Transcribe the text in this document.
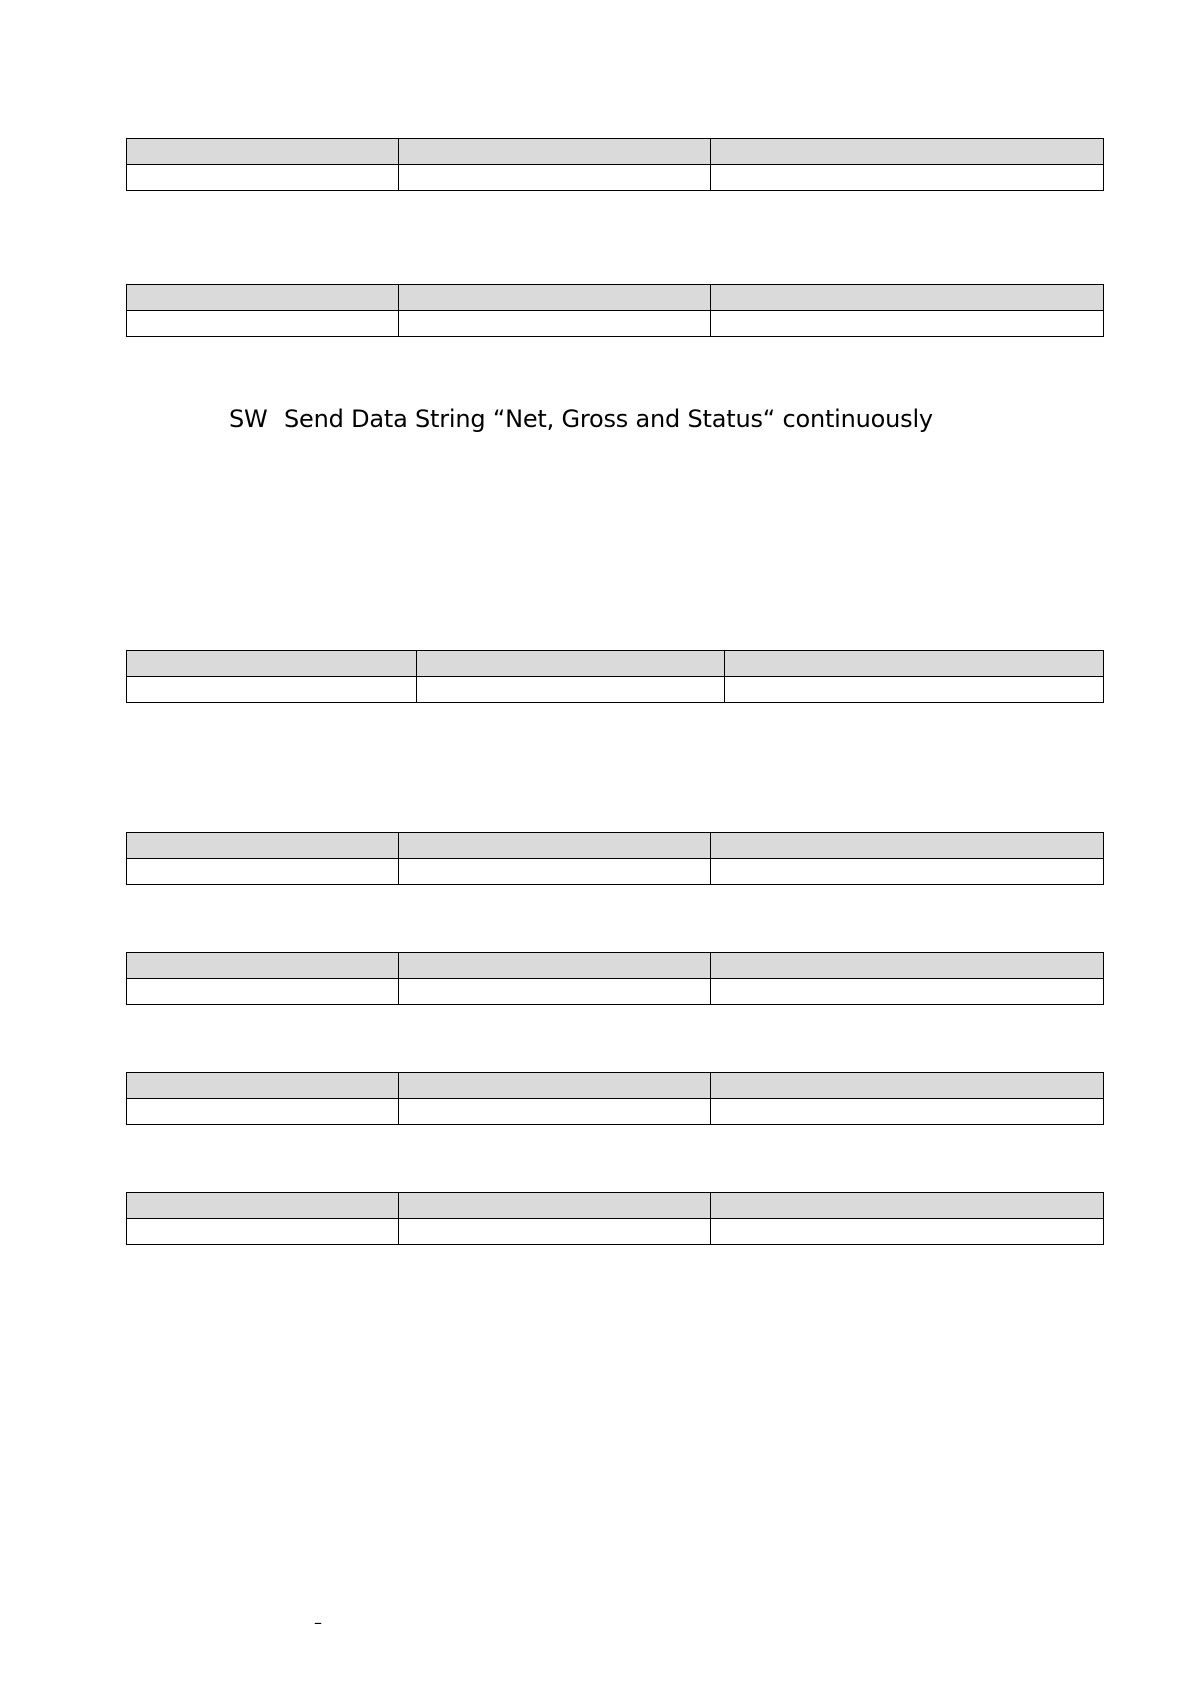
SW Send Data String “Net, Gross and Status“ continuously

–
